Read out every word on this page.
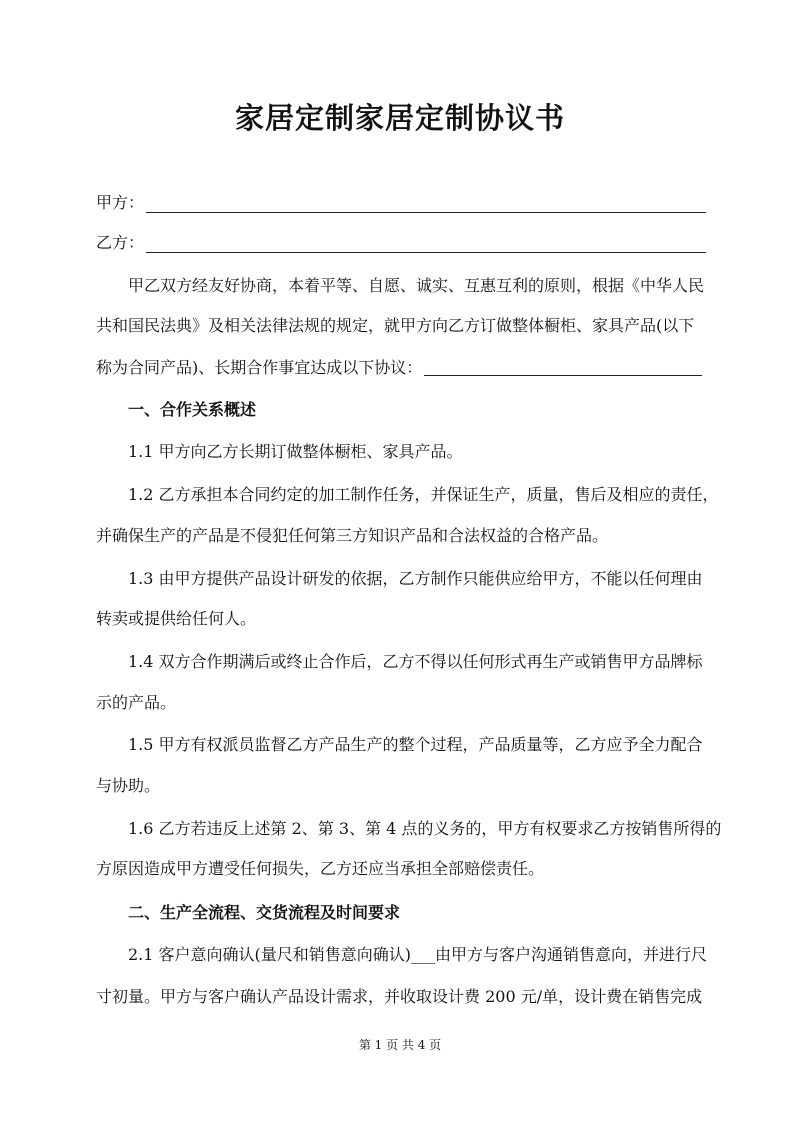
家居定制家居定制协议书
甲方：
乙方：
甲乙双方经友好协商，本着平等、自愿、诚实、互惠互利的原则，根据《中华人民
共和国民法典》及相关法律法规的规定，就甲方向乙方订做整体橱柜、家具产品(以下
称为合同产品)、长期合作事宜达成以下协议：
一、合作关系概述
1.1 甲方向乙方长期订做整体橱柜、家具产品。
1.2 乙方承担本合同约定的加工制作任务，并保证生产，质量，售后及相应的责任，
并确保生产的产品是不侵犯任何第三方知识产品和合法权益的合格产品。
1.3 由甲方提供产品设计研发的依据，乙方制作只能供应给甲方，不能以任何理由
转卖或提供给任何人。
1.4 双方合作期满后或终止合作后，乙方不得以任何形式再生产或销售甲方品牌标
示的产品。
1.5 甲方有权派员监督乙方产品生产的整个过程，产品质量等，乙方应予全力配合
与协助。
1.6 乙方若违反上述第 2、第 3、第 4 点的义务的，甲方有权要求乙方按销售所得的
方原因造成甲方遭受任何损失，乙方还应当承担全部赔偿责任。
二、生产全流程、交货流程及时间要求
2.1 客户意向确认(量尺和销售意向确认)___由甲方与客户沟通销售意向，并进行尺
寸初量。甲方与客户确认产品设计需求，并收取设计费 200 元/单，设计费在销售完成
第 1 页 共 4 页
